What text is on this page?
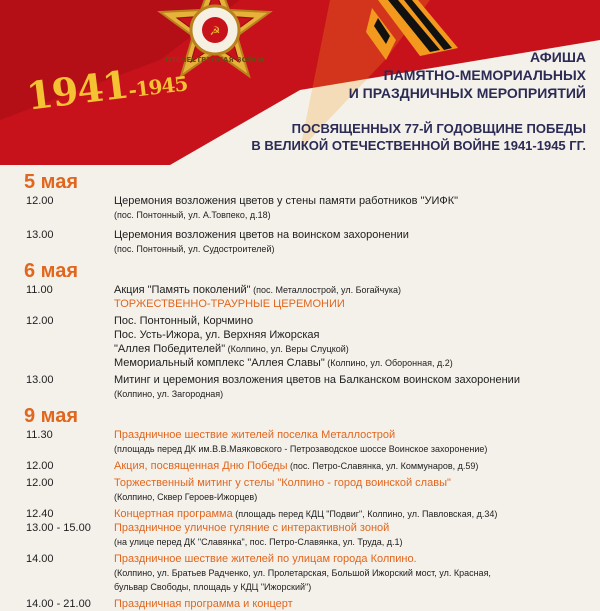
☭
ОТЕЧЕСТВЕННАЯ ВОЙНА
1941-1945
АФИША
ПАМЯТНО-МЕМОРИАЛЬНЫХ
И ПРАЗДНИЧНЫХ МЕРОПРИЯТИЙ
ПОСВЯЩЕННЫХ 77-Й ГОДОВЩИНЕ ПОБЕДЫ
В ВЕЛИКОЙ ОТЕЧЕСТВЕННОЙ ВОЙНЕ 1941-1945 ГГ.
5 мая
12.00	Церемония возложения цветов у стены памяти работников "УИФК"
(пос. Понтонный, ул. А.Товпеко, д.18)
13.00	Церемония возложения цветов на воинском захоронении
(пос. Понтонный, ул. Судостроителей)
6 мая
11.00	Акция "Память поколений" (пос. Металлострой, ул. Богайчука)
ТОРЖЕСТВЕННО-ТРАУРНЫЕ ЦЕРЕМОНИИ
12.00	Пос. Понтонный, Корчмино
Пос. Усть-Ижора, ул. Верхняя Ижорская
"Аллея Победителей" (Колпино, ул. Веры Слуцкой)
Мемориальный комплекс "Аллея Славы" (Колпино, ул. Оборонная, д.2)
13.00	Митинг и церемония возложения цветов на Балканском воинском захоронении
(Колпино, ул. Загородная)
9 мая
11.30	Праздничное шествие жителей поселка Металлострой
(площадь перед ДК им.В.В.Маяковского - Петрозаводское шоссе Воинское захоронение)
12.00	Акция, посвященная Дню Победы (пос. Петро-Славянка, ул. Коммунаров, д.59)
12.00	Торжественный митинг у стелы "Колпино - город воинской славы"
(Колпино, Сквер Героев-Ижорцев)
12.40	Концертная программа (площадь перед КДЦ "Подвиг", Колпино, ул. Павловская, д.34)
13.00 - 15.00 Праздничное уличное гуляние с интерактивной зоной
(на улице перед ДК "Славянка", пос. Петро-Славянка, ул. Труда, д.1)
14.00	Праздничное шествие жителей по улицам города Колпино.
(Колпино, ул. Братьев Радченко, ул. Пролетарская, Большой Ижорский мост, ул. Красная,
бульвар Свободы, площадь у КДЦ "Ижорский")
14.00 - 21.00 Праздничная программа и концерт
